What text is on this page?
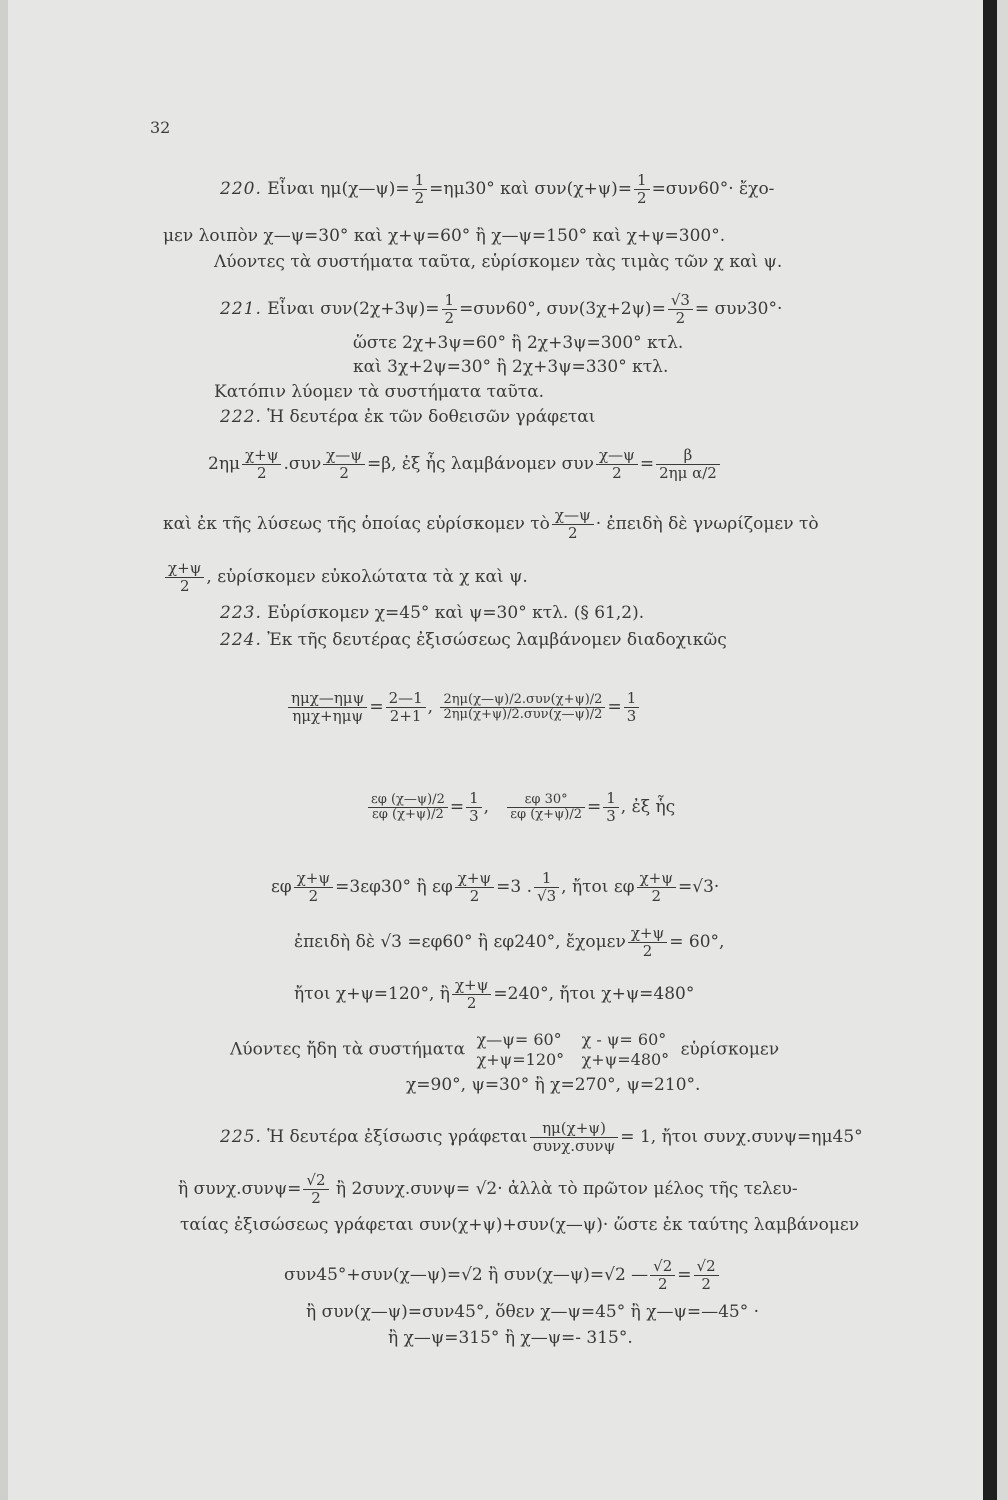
32
220. Εἶναι ημ(χ—ψ)= $\frac{1}{2} =\eta\mu 30^\circ$ καὶ $\sigma\upsilon\nu(\chi+\psi)= \frac{1}{2} =\sigma\upsilon\nu 60^\circ\cdot$ ἔχο-
μεν λοιπὸν χ—ψ=30° καὶ χ+ψ=60° ἢ χ—ψ=150° καὶ χ+ψ=300°.
Λύοντες τὰ συστήματα ταῦτα, εὑρίσκομεν τὰς τιμὰς τῶν χ καὶ ψ.
221. Εἶναι $\sigma\upsilon\nu(2\chi+3\psi)= \frac{1}{2} =\sigma\upsilon\nu 60^\circ$, $\sigma\upsilon\nu(3\chi+2\psi)= \frac{√3}{2} = \sigma\upsilon\nu 30^\circ\cdot$
ὥστε 2χ+3ψ=60° ἢ 2χ+3ψ=300° κτλ.
καὶ 3χ+2ψ=30° ἢ 2χ+3ψ=330° κτλ.
Κατόπιν λύομεν τὰ συστήματα ταῦτα.
222. Ἡ δευτέρα ἐκ τῶν δοθεισῶν γράφεται
$2\eta\mu \frac{\chi+\psi}{2} .\sigma\upsilon\nu \frac{\chi—\psi}{2} =\beta$, ἐξ ἧς λαμβάνομεν συν $\frac{\chi—\psi}{2} = \frac{\beta}{\text{2ημ α/2}}$
καὶ ἐκ τῆς λύσεως τῆς ὁποίας εὑρίσκομεν τὸ $\frac{\chi—\psi}{2}$ · ἐπειδὴ δὲ γνωρίζομεν τὸ
$\frac{\chi+\psi}{2}$ , εὑρίσκομεν εὐκολώτατα τὰ χ καὶ ψ.
223. Εὑρίσκομεν χ=45° καὶ ψ=30° κτλ. (§ 61,2).
224. Ἐκ τῆς δευτέρας ἐξισώσεως λαμβάνομεν διαδοχικῶς
ημχ—ημψ
$\eta\mu\chi+\eta\mu\psi = \frac{2—1}{2+1}$ , 2ημ(χ—ψ)/2.συν(χ+ψ)/2
2ημ(χ+ψ)/2.συν(χ—ψ)/2 = $\frac{1}{3}$
$\frac{\varepsilon\varphi (\chi—\psi)/2}{\varepsilon\varphi (\chi+\psi)/2} = \frac{1}{3}$ , $\frac{\varepsilon\varphi 30^\circ}{\varepsilon\varphi (\chi+\psi)/2} = \frac{1}{3}$ , ἐξ ἧς
εφ $\frac{\chi+\psi}{2} =3\varepsilon\varphi 30^\circ$ ἢ εφ $\frac{\chi+\psi}{2} =3$ . $\frac{1}{√3}$ , ἤτοι εφ $\frac{\chi+\psi}{2} =√3\cdot$
ἐπειδὴ δὲ √3 =εφ60° ἢ εφ240°, ἔχομεν $\frac{\chi+\psi}{2} = 60^\circ$,
ἤτοι χ+ψ=120°, ἢ $\frac{\chi+\psi}{2} =240^\circ$, ἤτοι χ+ψ=480°
Λύοντες ἤδη τὰ συστήματα χ—ψ= 60°
χ+ψ=120°

χ - ψ= 60°
χ+ψ=480° εὑρίσκομεν
χ=90°, ψ=30° ἢ χ=270°, ψ=210°.
225. Ἡ δευτέρα ἐξίσωσις γράφεται ημ(χ+ψ)
συνχ.συνψ = 1, ἤτοι συνχ.συνψ=ημ45°
ἢ $\sigma\upsilon\nu\chi.\sigma\upsilon\nu\psi= \frac{√2}{2}$ ἢ 2συνχ.συνψ= √2· ἀλλὰ τὸ πρῶτον μέλος τῆς τελευ-
ταίας ἐξισώσεως γράφεται συν(χ+ψ)+συν(χ—ψ)· ὥστε ἐκ ταύτης λαμβάνομεν
συν45°+συν(χ—ψ)=√2 ἢ συν(χ—ψ)=√2 — $\frac{√2}{2} = \frac{√2}{2}$
ἢ συν(χ—ψ)=συν45°, ὅθεν χ—ψ=45° ἢ χ—ψ=—45° ·
ἢ χ—ψ=315° ἢ χ—ψ=- 315°.
